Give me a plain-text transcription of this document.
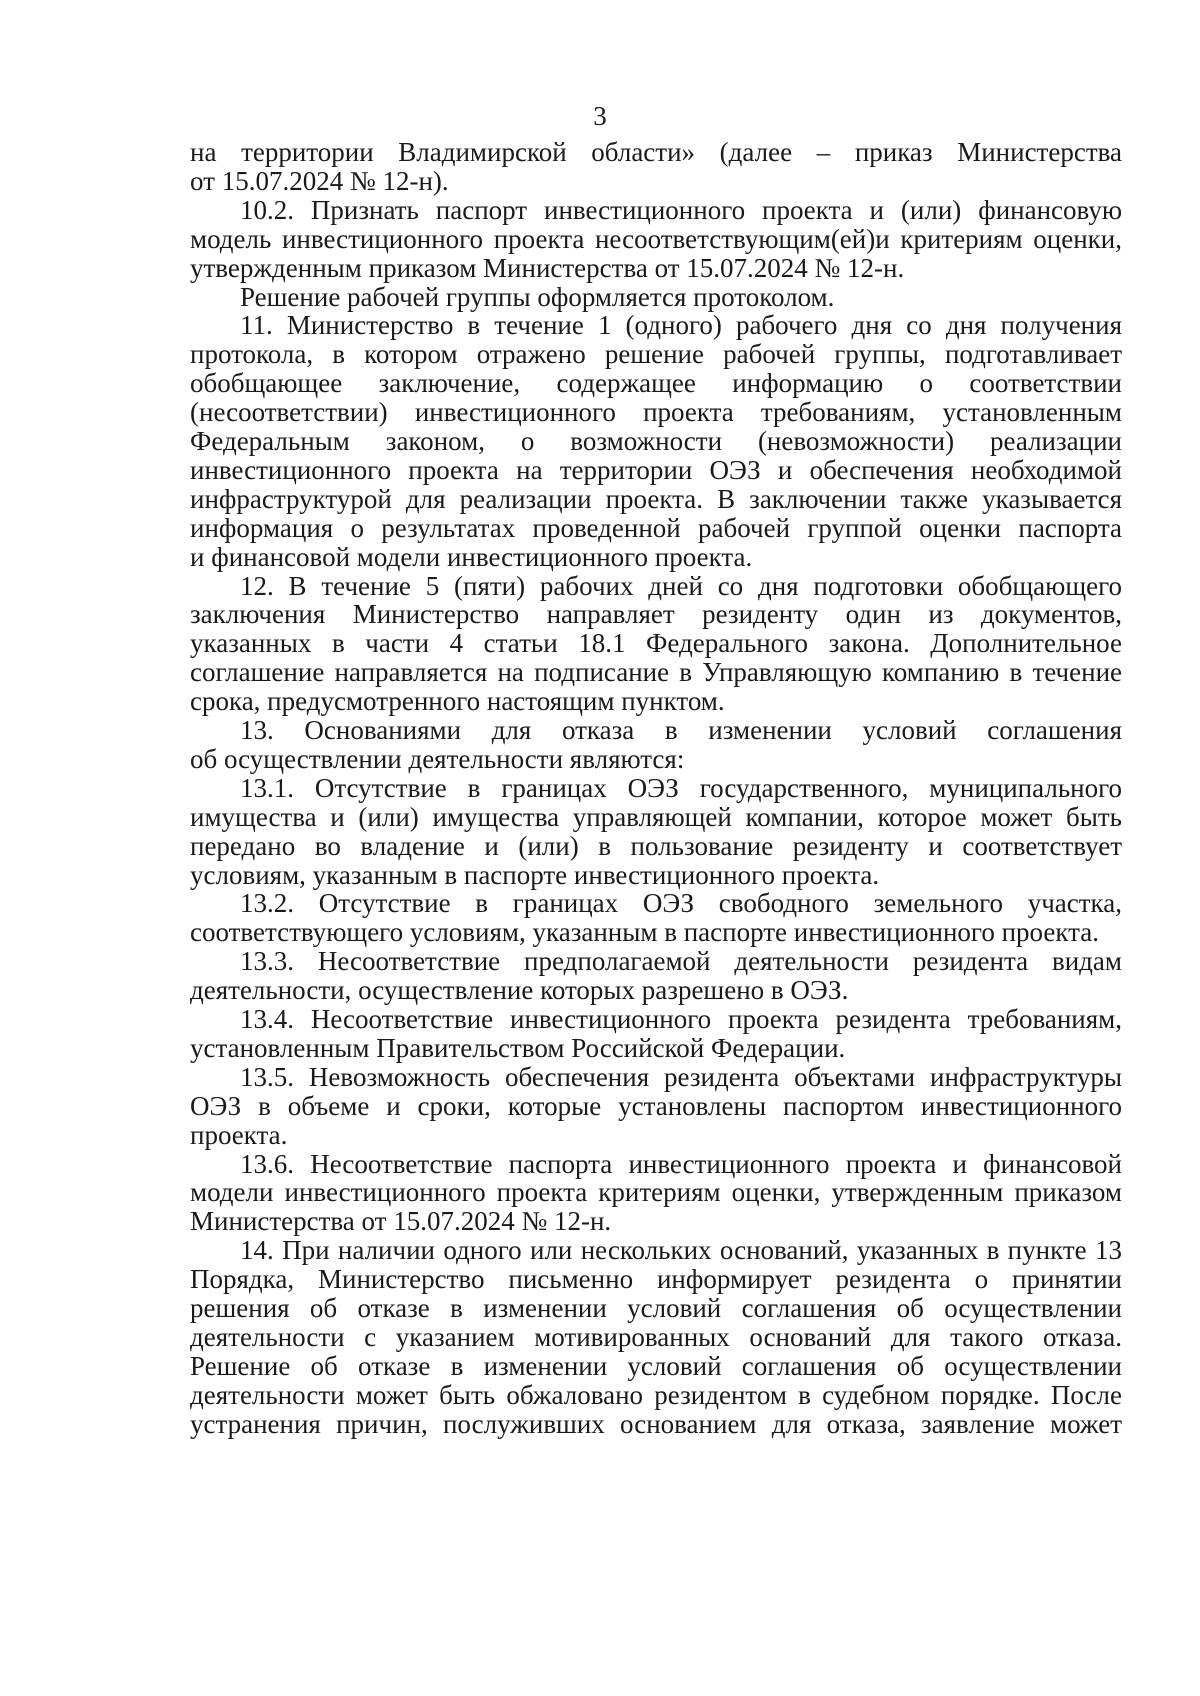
3
на территории Владимирской области» (далее – приказ Министерства
от 15.07.2024 № 12-н).
10.2. Признать паспорт инвестиционного проекта и (или) финансовую
модель инвестиционного проекта несоответствующим(ей)и критериям оценки,
утвержденным приказом Министерства от 15.07.2024 № 12-н.
Решение рабочей группы оформляется протоколом.
11. Министерство в течение 1 (одного) рабочего дня со дня получения
протокола, в котором отражено решение рабочей группы, подготавливает
обобщающее заключение, содержащее информацию о соответствии
(несоответствии) инвестиционного проекта требованиям, установленным
Федеральным законом, о возможности (невозможности) реализации
инвестиционного проекта на территории ОЭЗ и обеспечения необходимой
инфраструктурой для реализации проекта. В заключении также указывается
информация о результатах проведенной рабочей группой оценки паспорта
и финансовой модели инвестиционного проекта.
12. В течение 5 (пяти) рабочих дней со дня подготовки обобщающего
заключения Министерство направляет резиденту один из документов,
указанных в части 4 статьи 18.1 Федерального закона. Дополнительное
соглашение направляется на подписание в Управляющую компанию в течение
срока, предусмотренного настоящим пунктом.
13. Основаниями для отказа в изменении условий соглашения
об осуществлении деятельности являются:
13.1. Отсутствие в границах ОЭЗ государственного, муниципального
имущества и (или) имущества управляющей компании, которое может быть
передано во владение и (или) в пользование резиденту и соответствует
условиям, указанным в паспорте инвестиционного проекта.
13.2. Отсутствие в границах ОЭЗ свободного земельного участка,
соответствующего условиям, указанным в паспорте инвестиционного проекта.
13.3. Несоответствие предполагаемой деятельности резидента видам
деятельности, осуществление которых разрешено в ОЭЗ.
13.4. Несоответствие инвестиционного проекта резидента требованиям,
установленным Правительством Российской Федерации.
13.5. Невозможность обеспечения резидента объектами инфраструктуры
ОЭЗ в объеме и сроки, которые установлены паспортом инвестиционного
проекта.
13.6. Несоответствие паспорта инвестиционного проекта и финансовой
модели инвестиционного проекта критериям оценки, утвержденным приказом
Министерства от 15.07.2024 № 12-н.
14. При наличии одного или нескольких оснований, указанных в пункте 13
Порядка, Министерство письменно информирует резидента о принятии
решения об отказе в изменении условий соглашения об осуществлении
деятельности с указанием мотивированных оснований для такого отказа.
Решение об отказе в изменении условий соглашения об осуществлении
деятельности может быть обжаловано резидентом в судебном порядке. После
устранения причин, послуживших основанием для отказа, заявление может
